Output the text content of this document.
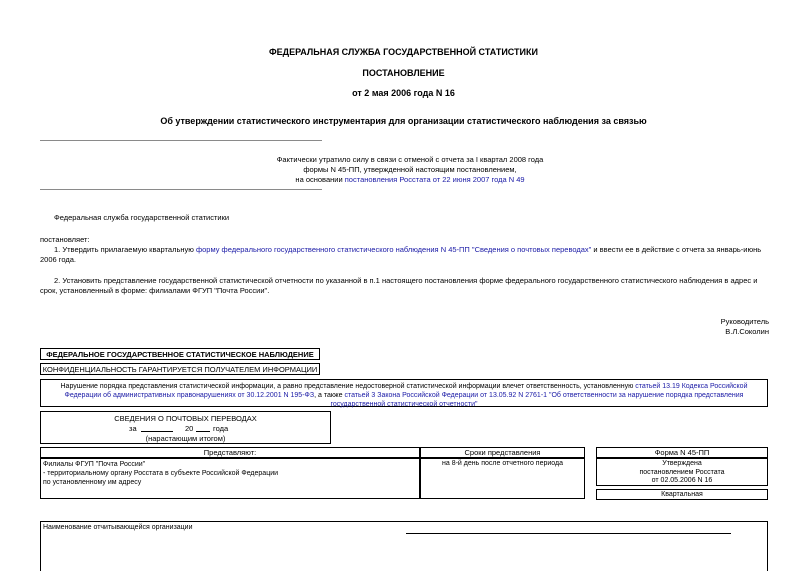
ФЕДЕРАЛЬНАЯ СЛУЖБА ГОСУДАРСТВЕННОЙ СТАТИСТИКИ
ПОСТАНОВЛЕНИЕ
от 2 мая 2006 года N 16
Об утверждении статистического инструментария для организации статистического наблюдения за связью
Фактически утратило силу в связи с отменой с отчета за I квартал 2008 года
формы N 45-ПП, утвержденной настоящим постановлением,
на основании постановления Росстата от 22 июня 2007 года N 49
Федеральная служба государственной статистики
постановляет:
1. Утвердить прилагаемую квартальную форму федерального государственного статистического наблюдения N 45-ПП "Сведения о почтовых переводах" и ввести ее в действие с отчета за январь-июнь 2006 года.
2. Установить представление государственной статистической отчетности по указанной в п.1 настоящего постановления форме федерального государственного статистического наблюдения в адрес и срок, установленный в форме: филиалами ФГУП "Почта России".
Руководитель
В.Л.Соколин
ФЕДЕРАЛЬНОЕ ГОСУДАРСТВЕННОЕ СТАТИСТИЧЕСКОЕ НАБЛЮДЕНИЕ
КОНФИДЕНЦИАЛЬНОСТЬ ГАРАНТИРУЕТСЯ ПОЛУЧАТЕЛЕМ ИНФОРМАЦИИ
Нарушение порядка представления статистической информации, а равно представление недостоверной статистической информации влечет ответственность, установленную статьей 13.19 Кодекса Российской Федерации об административных правонарушениях от 30.12.2001 N 195-ФЗ, а также статьей 3 Закона Российской Федерации от 13.05.92 N 2761-1 "Об ответственности за нарушение порядка представления государственной статистической отчетности"
СВЕДЕНИЯ О ПОЧТОВЫХ ПЕРЕВОДАХ
за	20	года
(нарастающим итогом)
Представляют:	Сроки представления	Форма N 45-ПП
Филиалы ФГУП "Почта России"
- территориальному органу Росстата в субъекте Российской Федерации
по установленному им адресу
на 8-й день после отчетного периода	Утверждена
постановлением Росстата
от 02.05.2006 N 16
Квартальная
Наименование отчитывающейся организации
